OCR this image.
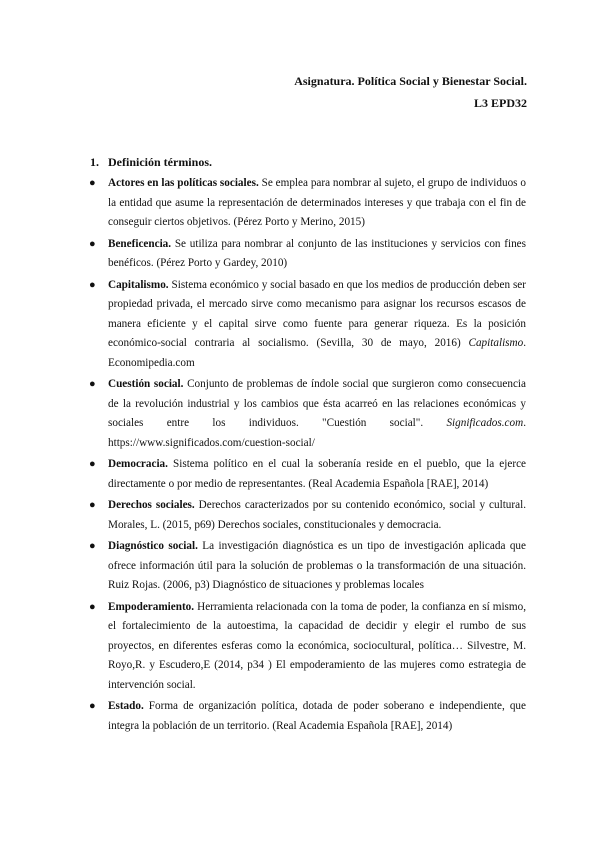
Asignatura. Política Social y Bienestar Social.
L3 EPD32
1. Definición términos.
● Actores en las políticas sociales. Se emplea para nombrar al sujeto, el grupo de individuos o la entidad que asume la representación de determinados intereses y que trabaja con el fin de conseguir ciertos objetivos. (Pérez Porto y Merino, 2015)
● Beneficencia. Se utiliza para nombrar al conjunto de las instituciones y servicios con fines benéficos. (Pérez Porto y Gardey, 2010)
● Capitalismo. Sistema económico y social basado en que los medios de producción deben ser propiedad privada, el mercado sirve como mecanismo para asignar los recursos escasos de manera eficiente y el capital sirve como fuente para generar riqueza. Es la posición económico-social contraria al socialismo. (Sevilla, 30 de mayo, 2016) Capitalismo. Economipedia.com
● Cuestión social. Conjunto de problemas de índole social que surgieron como consecuencia de la revolución industrial y los cambios que ésta acarreó en las relaciones económicas y sociales entre los individuos. "Cuestión social". Significados.com. https://www.significados.com/cuestion-social/
● Democracia. Sistema político en el cual la soberanía reside en el pueblo, que la ejerce directamente o por medio de representantes. (Real Academia Española [RAE], 2014)
● Derechos sociales. Derechos caracterizados por su contenido económico, social y cultural. Morales, L. (2015, p69) Derechos sociales, constitucionales y democracia.
● Diagnóstico social. La investigación diagnóstica es un tipo de investigación aplicada que ofrece información útil para la solución de problemas o la transformación de una situación. Ruiz Rojas. (2006, p3) Diagnóstico de situaciones y problemas locales
● Empoderamiento. Herramienta relacionada con la toma de poder, la confianza en sí mismo, el fortalecimiento de la autoestima, la capacidad de decidir y elegir el rumbo de sus proyectos, en diferentes esferas como la económica, sociocultural, política… Silvestre, M. Royo,R. y Escudero,E (2014, p34 ) El empoderamiento de las mujeres como estrategia de intervención social.
● Estado. Forma de organización política, dotada de poder soberano e independiente, que integra la población de un territorio. (Real Academia Española [RAE], 2014)
